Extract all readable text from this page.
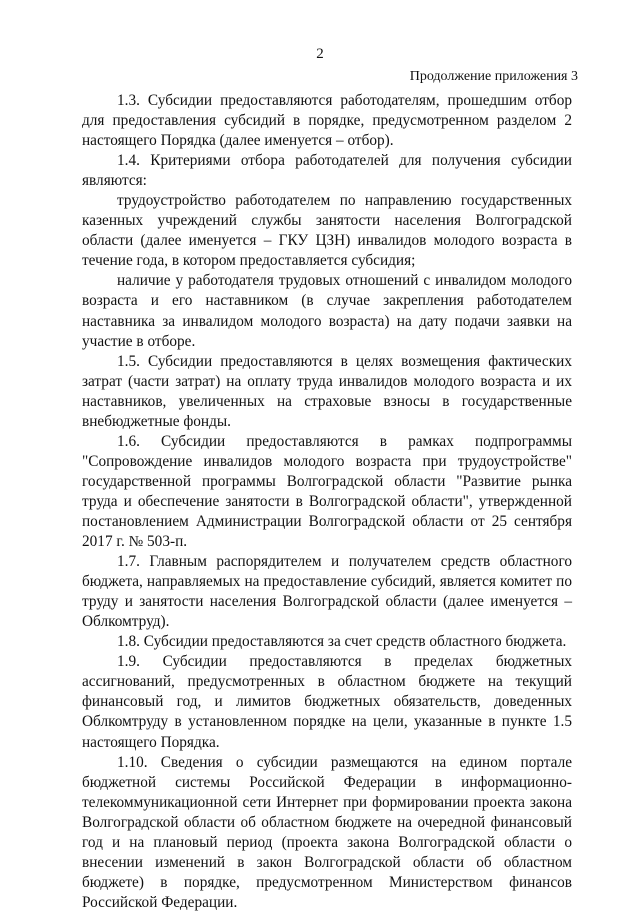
2
Продолжение приложения 3

1.3. Субсидии предоставляются работодателям, прошедшим отбор для предоставления субсидий в порядке, предусмотренном разделом 2 настоящего Порядка (далее именуется – отбор).

1.4. Критериями отбора работодателей для получения субсидии являются:

трудоустройство работодателем по направлению государственных казенных учреждений службы занятости населения Волгоградской области (далее именуется – ГКУ ЦЗН) инвалидов молодого возраста в течение года, в котором предоставляется субсидия;

наличие у работодателя трудовых отношений с инвалидом молодого возраста и его наставником (в случае закрепления работодателем наставника за инвалидом молодого возраста) на дату подачи заявки на участие в отборе.

1.5. Субсидии предоставляются в целях возмещения фактических затрат (части затрат) на оплату труда инвалидов молодого возраста и их наставников, увеличенных на страховые взносы в государственные внебюджетные фонды.

1.6. Субсидии предоставляются в рамках подпрограммы "Сопровождение инвалидов молодого возраста при трудоустройстве" государственной программы Волгоградской области "Развитие рынка труда и обеспечение занятости в Волгоградской области", утвержденной постановлением Администрации Волгоградской области от 25 сентября 2017 г. № 503-п.

1.7. Главным распорядителем и получателем средств областного бюджета, направляемых на предоставление субсидий, является комитет по труду и занятости населения Волгоградской области (далее именуется – Облкомтруд).

1.8. Субсидии предоставляются за счет средств областного бюджета.

1.9. Субсидии предоставляются в пределах бюджетных ассигнований, предусмотренных в областном бюджете на текущий финансовый год, и лимитов бюджетных обязательств, доведенных Облкомтруду в установленном порядке на цели, указанные в пункте 1.5 настоящего Порядка.

1.10. Сведения о субсидии размещаются на едином портале бюджетной системы Российской Федерации в информационно-телекоммуникационной сети Интернет при формировании проекта закона Волгоградской области об областном бюджете на очередной финансовый год и на плановый период (проекта закона Волгоградской области о внесении изменений в закон Волгоградской области об областном бюджете) в порядке, предусмотренном Министерством финансов Российской Федерации.
